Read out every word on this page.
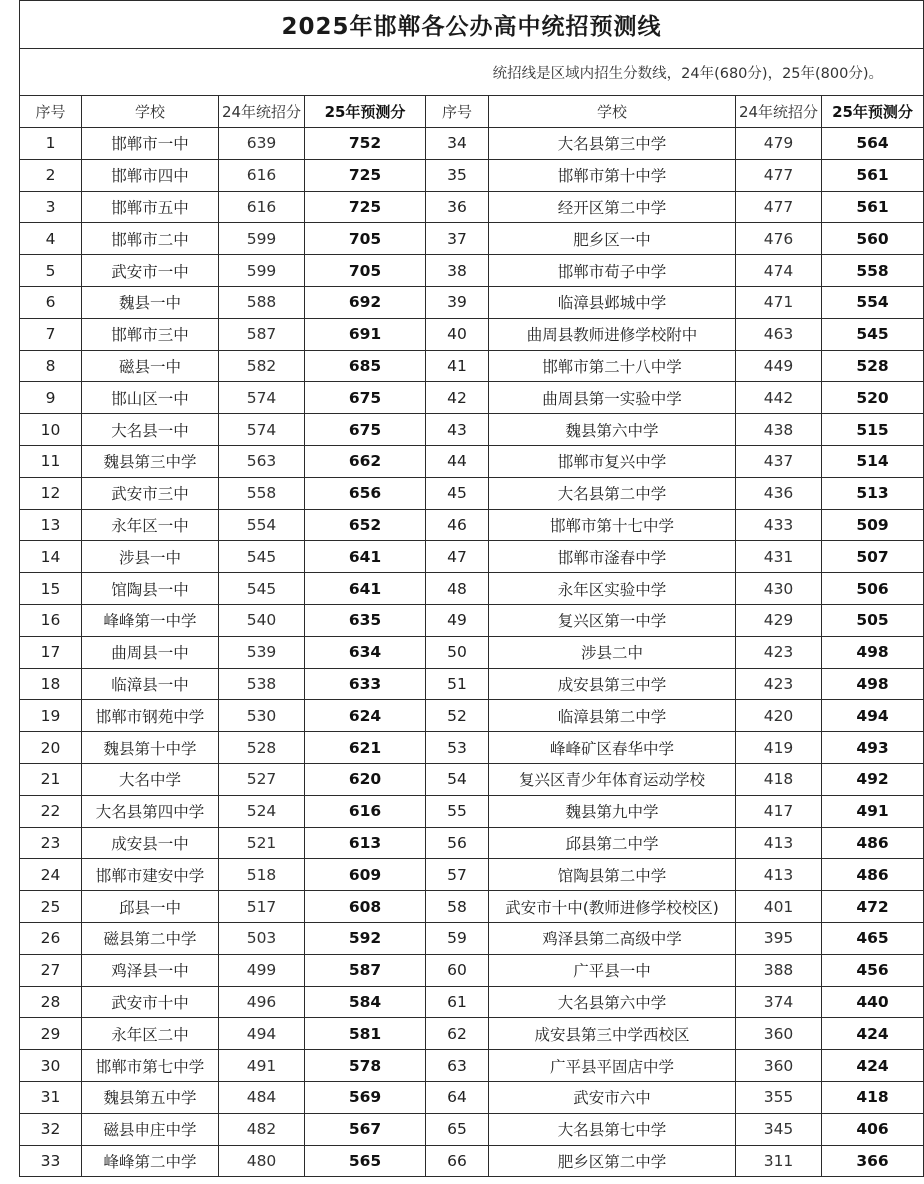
2025年邯郸各公办高中统招预测线							
统招线是区域内招生分数线，24年(680分)，25年(800分)。							
序号	学校	24年统招分	25年预测分	序号	学校	24年统招分	25年预测分
1	邯郸市一中	639	752	34	大名县第三中学	479	564
2	邯郸市四中	616	725	35	邯郸市第十中学	477	561
3	邯郸市五中	616	725	36	经开区第二中学	477	561
4	邯郸市二中	599	705	37	肥乡区一中	476	560
5	武安市一中	599	705	38	邯郸市荀子中学	474	558
6	魏县一中	588	692	39	临漳县邺城中学	471	554
7	邯郸市三中	587	691	40	曲周县教师进修学校附中	463	545
8	磁县一中	582	685	41	邯郸市第二十八中学	449	528
9	邯山区一中	574	675	42	曲周县第一实验中学	442	520
10	大名县一中	574	675	43	魏县第六中学	438	515
11	魏县第三中学	563	662	44	邯郸市复兴中学	437	514
12	武安市三中	558	656	45	大名县第二中学	436	513
13	永年区一中	554	652	46	邯郸市第十七中学	433	509
14	涉县一中	545	641	47	邯郸市滏春中学	431	507
15	馆陶县一中	545	641	48	永年区实验中学	430	506
16	峰峰第一中学	540	635	49	复兴区第一中学	429	505
17	曲周县一中	539	634	50	涉县二中	423	498
18	临漳县一中	538	633	51	成安县第三中学	423	498
19	邯郸市钢苑中学	530	624	52	临漳县第二中学	420	494
20	魏县第十中学	528	621	53	峰峰矿区春华中学	419	493
21	大名中学	527	620	54	复兴区青少年体育运动学校	418	492
22	大名县第四中学	524	616	55	魏县第九中学	417	491
23	成安县一中	521	613	56	邱县第二中学	413	486
24	邯郸市建安中学	518	609	57	馆陶县第二中学	413	486
25	邱县一中	517	608	58	武安市十中(教师进修学校校区)	401	472
26	磁县第二中学	503	592	59	鸡泽县第二高级中学	395	465
27	鸡泽县一中	499	587	60	广平县一中	388	456
28	武安市十中	496	584	61	大名县第六中学	374	440
29	永年区二中	494	581	62	成安县第三中学西校区	360	424
30	邯郸市第七中学	491	578	63	广平县平固店中学	360	424
31	魏县第五中学	484	569	64	武安市六中	355	418
32	磁县申庄中学	482	567	65	大名县第七中学	345	406
33	峰峰第二中学	480	565	66	肥乡区第二中学	311	366
